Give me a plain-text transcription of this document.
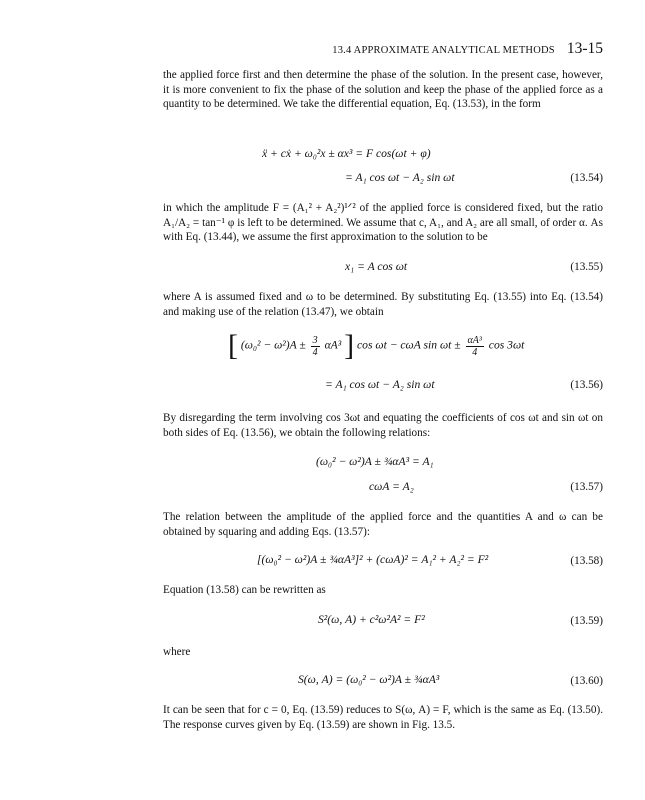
13.4 APPROXIMATE ANALYTICAL METHODS 13-15
the applied force first and then determine the phase of the solution. In the present case, however, it is more convenient to fix the phase of the solution and keep the phase of the applied force as a quantity to be determined. We take the differential equation, Eq. (13.53), in the form
ẍ + cẋ + ω₀²x ± αx³ = F cos(ωt + φ)
= A₁ cos ωt − A₂ sin ωt	(13.54)
in which the amplitude F = (A₁² + A₂²)¹ᐟ² of the applied force is considered fixed, but the ratio A₁/A₂ = tan⁻¹ φ is left to be determined. We assume that c, A₁, and A₂ are all small, of order α. As with Eq. (13.44), we assume the first approximation to the solution to be
x₁ = A cos ωt	(13.55)
where A is assumed fixed and ω to be determined. By substituting Eq. (13.55) into Eq. (13.54) and making use of the relation (13.47), we obtain
[ $(\omega_0^2 - \omega^2)A \pm \frac{3}{4} \alpha A^3$ ] cos ωt − cωA $\sin \omega t \pm \frac{\text{αA³}}{4}$ cos 3ωt
= A₁ cos ωt − A₂ sin ωt	(13.56)
By disregarding the term involving cos 3ωt and equating the coefficients of cos ωt and sin ωt on both sides of Eq. (13.56), we obtain the following relations:
(ω₀² − ω²)A ± ¾αA³ = A₁
cωA = A₂	(13.57)
The relation between the amplitude of the applied force and the quantities A and ω can be obtained by squaring and adding Eqs. (13.57):
[(ω₀² − ω²)A ± ¾αA³]² + (cωA)² = A₁² + A₂² = F²	(13.58)
Equation (13.58) can be rewritten as
S²(ω, A) + c²ω²A² = F²	(13.59)
where
S(ω, A) = (ω₀² − ω²)A ± ¾αA³	(13.60)
It can be seen that for c = 0, Eq. (13.59) reduces to S(ω, A) = F, which is the same as Eq. (13.50). The response curves given by Eq. (13.59) are shown in Fig. 13.5.
